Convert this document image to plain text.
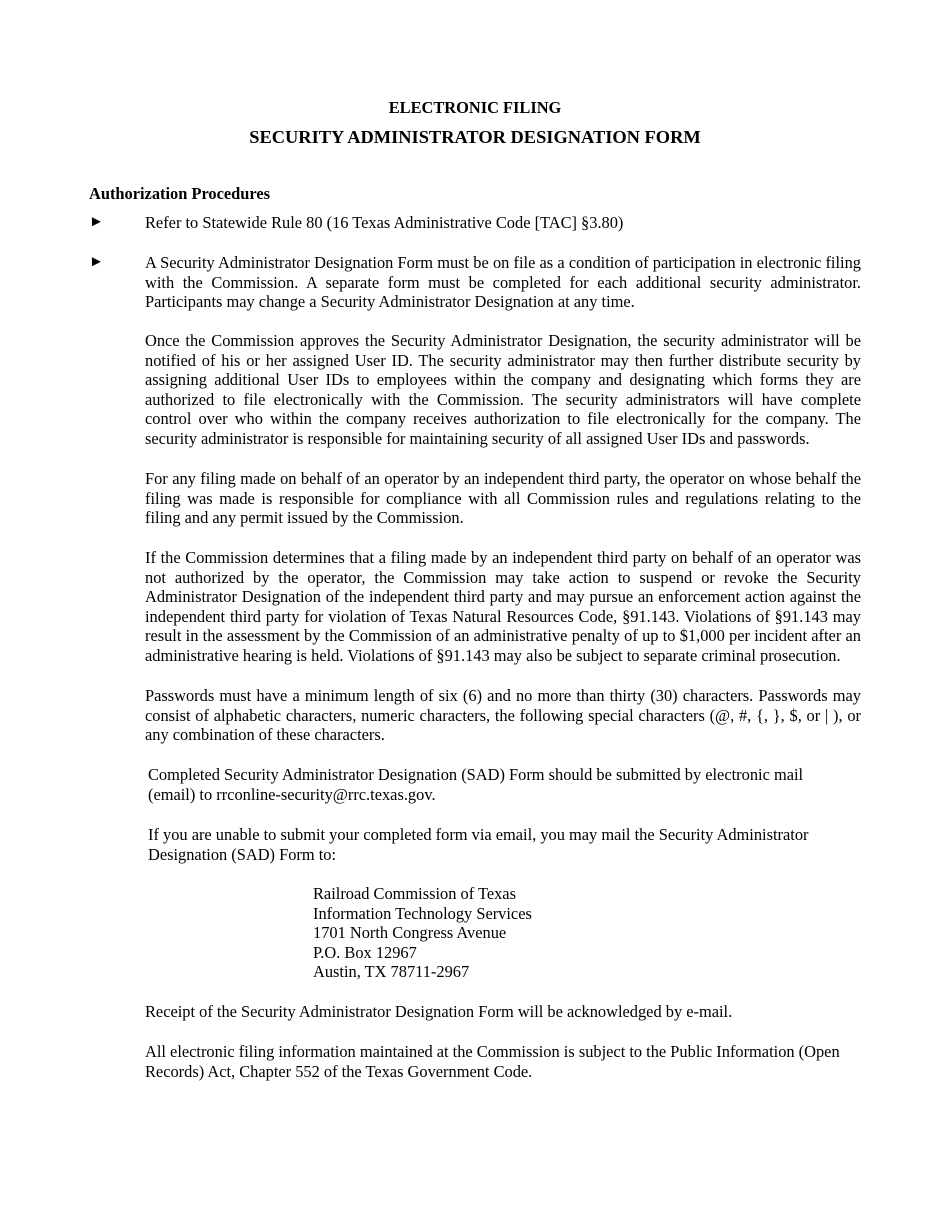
ELECTRONIC FILING
SECURITY ADMINISTRATOR DESIGNATION FORM
Authorization Procedures
►	Refer to Statewide Rule 80 (16 Texas Administrative Code [TAC] §3.80)

►	A Security Administrator Designation Form must be on file as a condition of participation in electronic filing with the Commission. A separate form must be completed for each additional security administrator. Participants may change a Security Administrator Designation at any time.

Once the Commission approves the Security Administrator Designation, the security administrator will be notified of his or her assigned User ID. The security administrator may then further distribute security by assigning additional User IDs to employees within the company and designating which forms they are authorized to file electronically with the Commission. The security administrators will have complete control over who within the company receives authorization to file electronically for the company. The security administrator is responsible for maintaining security of all assigned User IDs and passwords.

For any filing made on behalf of an operator by an independent third party, the operator on whose behalf the filing was made is responsible for compliance with all Commission rules and regulations relating to the filing and any permit issued by the Commission.

If the Commission determines that a filing made by an independent third party on behalf of an operator was not authorized by the operator, the Commission may take action to suspend or revoke the Security Administrator Designation of the independent third party and may pursue an enforcement action against the independent third party for violation of Texas Natural Resources Code, §91.143. Violations of §91.143 may result in the assessment by the Commission of an administrative penalty of up to $1,000 per incident after an administrative hearing is held. Violations of §91.143 may also be subject to separate criminal prosecution.

Passwords must have a minimum length of six (6) and no more than thirty (30) characters. Passwords may consist of alphabetic characters, numeric characters, the following special characters (@, #, {, }, $, or | ), or any combination of these characters.

Completed Security Administrator Designation (SAD) Form should be submitted by electronic mail (email) to rrconline-security@rrc.texas.gov.

If you are unable to submit your completed form via email, you may mail the Security Administrator Designation (SAD) Form to:

Railroad Commission of Texas
Information Technology Services
1701 North Congress Avenue
P.O. Box 12967
Austin, TX 78711-2967

Receipt of the Security Administrator Designation Form will be acknowledged by e-mail.

All electronic filing information maintained at the Commission is subject to the Public Information (Open Records) Act, Chapter 552 of the Texas Government Code.
